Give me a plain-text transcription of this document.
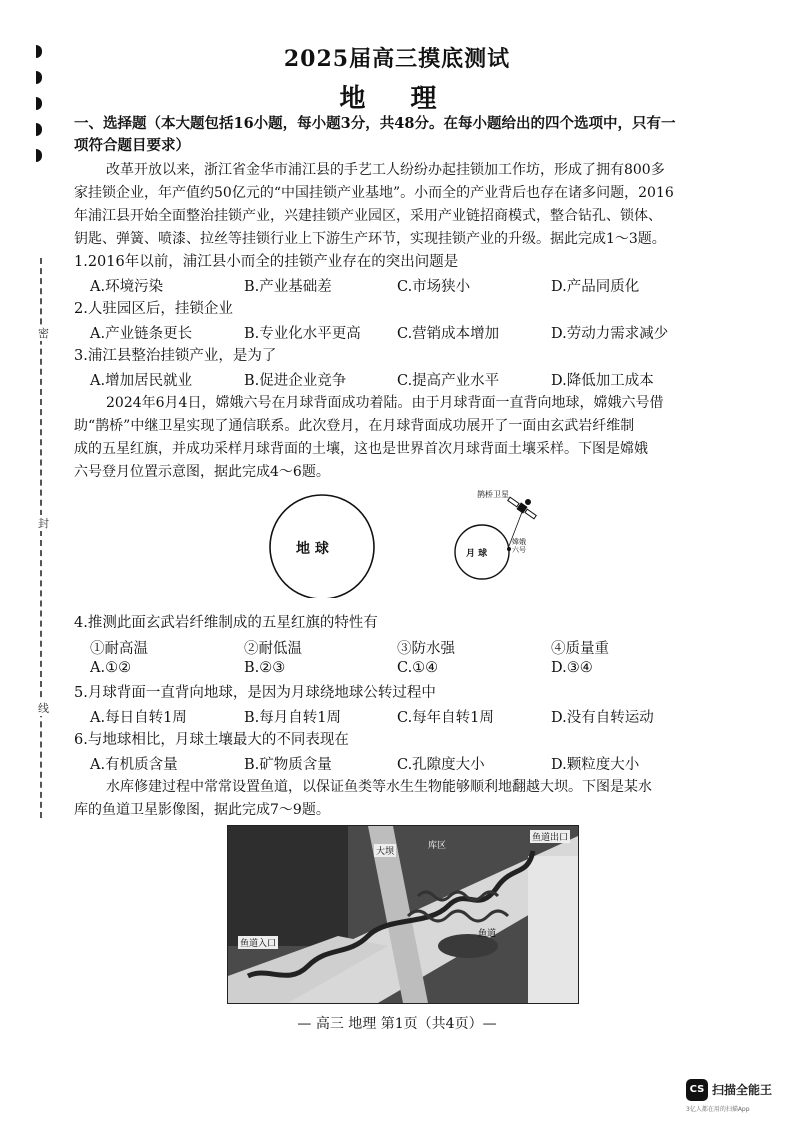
密
封
线
2025届高三摸底测试
地 理
一、选择题（本大题包括16小题，每小题3分，共48分。在每小题给出的四个选项中，只有一
项符合题目要求）
改革开放以来，浙江省金华市浦江县的手艺工人纷纷办起挂锁加工作坊，形成了拥有800多
家挂锁企业，年产值约50亿元的“中国挂锁产业基地”。小而全的产业背后也存在诸多问题，2016
年浦江县开始全面整治挂锁产业，兴建挂锁产业园区，采用产业链招商模式，整合钻孔、锁体、
钥匙、弹簧、喷漆、拉丝等挂锁行业上下游生产环节，实现挂锁产业的升级。据此完成1～3题。
1.2016年以前，浦江县小而全的挂锁产业存在的突出问题是
A.环境污染	B.产业基础差	C.市场狭小	D.产品同质化
2.人驻园区后，挂锁企业
A.产业链条更长	B.专业化水平更高 C.营销成本增加	D.劳动力需求减少
3.浦江县整治挂锁产业，是为了
A.增加居民就业	B.促进企业竞争	C.提高产业水平	D.降低加工成本
2024年6月4日，嫦娥六号在月球背面成功着陆。由于月球背面一直背向地球，嫦娥六号借
助“鹊桥”中继卫星实现了通信联系。此次登月，在月球背面成功展开了一面由玄武岩纤维制
成的五星红旗，并成功采样月球背面的土壤，这也是世界首次月球背面土壤采样。下图是嫦娥
六号登月位置示意图，据此完成4～6题。
地 球	月 球
鹊桥卫星
嫦娥
六号
4.推测此面玄武岩纤维制成的五星红旗的特性有
①耐高温	②耐低温	③防水强	④质量重
A.①②	B.②③	C.①④	D.③④
5.月球背面一直背向地球，是因为月球绕地球公转过程中
A.每日自转1周	B.每月自转1周	C.每年自转1周	D.没有自转运动
6.与地球相比，月球土壤最大的不同表现在
A.有机质含量	B.矿物质含量	C.孔隙度大小	D.颗粒度大小
水库修建过程中常常设置鱼道，以保证鱼类等水生生物能够顺利地翻越大坝。下图是某水
库的鱼道卫星影像图，据此完成7～9题。
大坝
库区
鱼道出口
鱼道入口
鱼道
— 高三 地理 第1页（共4页）—
CS 扫描全能王
3亿人都在用的扫描App
